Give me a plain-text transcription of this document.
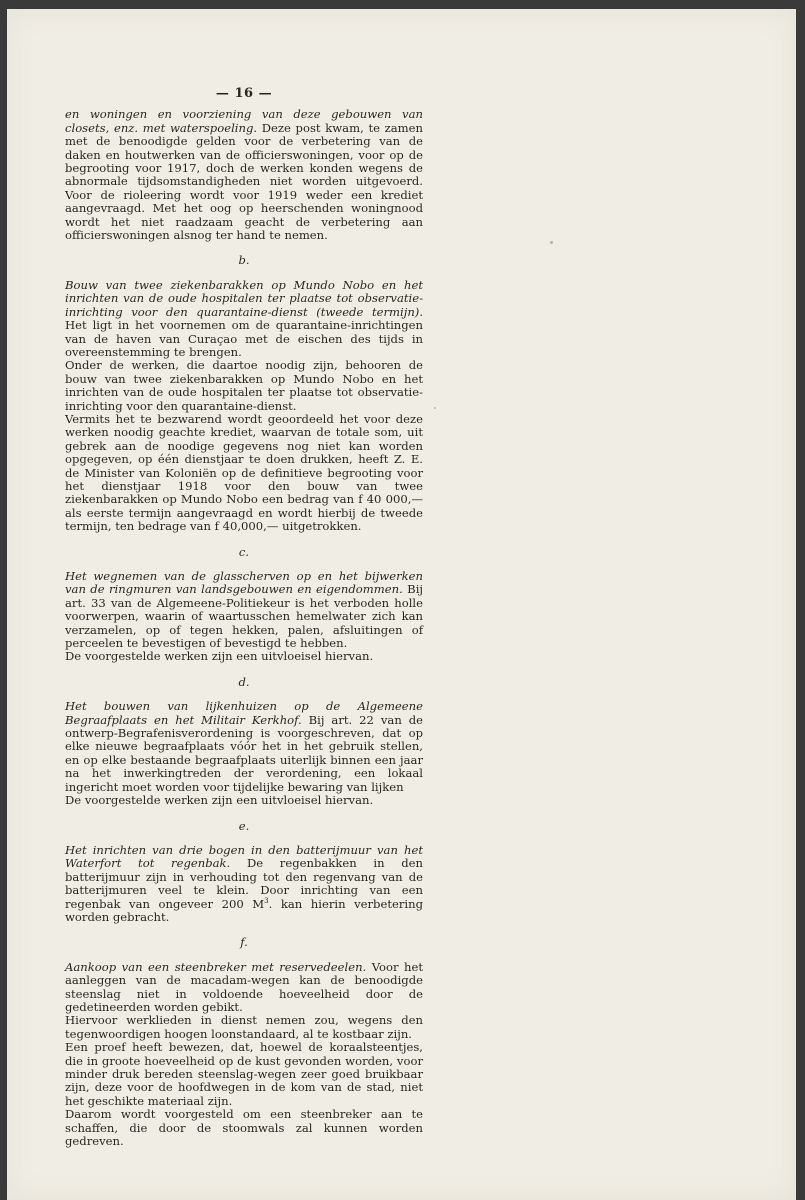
— 16 —

en woningen en voorziening van deze gebouwen van closets, enz. met waterspoeling. Deze post kwam, te zamen met de benoodigde gelden voor de verbetering van de daken en houtwerken van de officierswoningen, voor op de begrooting voor 1917, doch de werken konden wegens de abnormale tijdsomstandigheden niet worden uitgevoerd. Voor de rioleering wordt voor 1919 weder een krediet aangevraagd. Met het oog op heerschenden woningnood wordt het niet raadzaam geacht de verbetering aan officierswoningen alsnog ter hand te nemen.

b.

Bouw van twee ziekenbarakken op Mundo Nobo en het inrichten van de oude hospitalen ter plaatse tot observatie-inrichting voor den quarantaine-dienst (tweede termijn). Het ligt in het voornemen om de quarantaine-inrichtingen van de haven van Curaçao met de eischen des tijds in overeenstemming te brengen.

Onder de werken, die daartoe noodig zijn, behooren de bouw van twee ziekenbarakken op Mundo Nobo en het inrichten van de oude hospitalen ter plaatse tot observatie-inrichting voor den quarantaine-dienst.

Vermits het te bezwarend wordt geoordeeld het voor deze werken noodig geachte krediet, waarvan de totale som, uit gebrek aan de noodige gegevens nog niet kan worden opgegeven, op één dienstjaar te doen drukken, heeft Z. E. de Minister van Koloniën op de definitieve begrooting voor het dienstjaar 1918 voor den bouw van twee ziekenbarakken op Mundo Nobo een bedrag van f 40 000,— als eerste termijn aangevraagd en wordt hierbij de tweede termijn, ten bedrage van f 40,000,— uitgetrokken.

c.

Het wegnemen van de glasscherven op en het bijwerken van de ringmuren van landsgebouwen en eigendommen. Bij art. 33 van de Algemeene-Politiekeur is het verboden holle voorwerpen, waarin of waartusschen hemelwater zich kan verzamelen, op of tegen hekken, palen, afsluitingen of perceelen te bevestigen of bevestigd te hebben.

De voorgestelde werken zijn een uitvloeisel hiervan.

d.

Het bouwen van lijkenhuizen op de Algemeene Begraafplaats en het Militair Kerkhof. Bij art. 22 van de ontwerp-Begrafenisverordening is voorgeschreven, dat op elke nieuwe begraafplaats vóór het in het gebruik stellen, en op elke bestaande begraafplaats uiterlijk binnen een jaar na het inwerkingtreden der verordening, een lokaal ingericht moet worden voor tijdelijke bewaring van lijken

De voorgestelde werken zijn een uitvloeisel hiervan.

e.

Het inrichten van drie bogen in den batterijmuur van het Waterfort tot regenbak. De regenbakken in den batterijmuur zijn in verhouding tot den regenvang van de batterijmuren veel te klein. Door inrichting van een regenbak van ongeveer 200 $M^3$. kan hierin verbetering worden gebracht.

f.

Aankoop van een steenbreker met reservedeelen. Voor het aanleggen van de macadam-wegen kan de benoodigde steenslag niet in voldoende hoeveelheid door de gedetineerden worden gebikt.

Hiervoor werklieden in dienst nemen zou, wegens den tegenwoordigen hoogen loonstandaard, al te kostbaar zijn.

Een proef heeft bewezen, dat, hoewel de koraalsteentjes, die in groote hoeveelheid op de kust gevonden worden, voor minder druk bereden steenslag-wegen zeer goed bruikbaar zijn, deze voor de hoofdwegen in de kom van de stad, niet het geschikte materiaal zijn.

Daarom wordt voorgesteld om een steenbreker aan te schaffen, die door de stoomwals zal kunnen worden gedreven.
